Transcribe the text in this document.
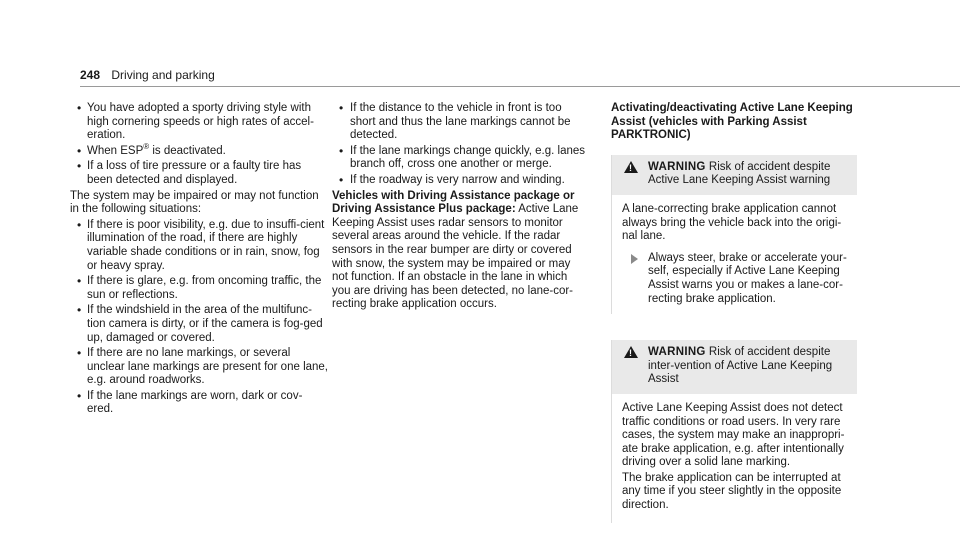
248 Driving and parking
• You have adopted a sporty driving style with high cornering speeds or high rates of accel-eration.
• When ESP® is deactivated.
• If a loss of tire pressure or a faulty tire has been detected and displayed.

The system may be impaired or may not function in the following situations:

• If there is poor visibility, e.g. due to insuffi-cient illumination of the road, if there are highly variable shade conditions or in rain, snow, fog or heavy spray.
• If there is glare, e.g. from oncoming traffic, the sun or reflections.
• If the windshield in the area of the multifunc-tion camera is dirty, or if the camera is fog-ged up, damaged or covered.
• If there are no lane markings, or several unclear lane markings are present for one lane, e.g. around roadworks.
• If the lane markings are worn, dark or cov-ered.
• If the distance to the vehicle in front is too short and thus the lane markings cannot be detected.
• If the lane markings change quickly, e.g. lanes branch off, cross one another or merge.
• If the roadway is very narrow and winding.

Vehicles with Driving Assistance package or Driving Assistance Plus package: Active Lane Keeping Assist uses radar sensors to monitor several areas around the vehicle. If the radar sensors in the rear bumper are dirty or covered with snow, the system may be impaired or may not function. If an obstacle in the lane in which you are driving has been detected, no lane-cor-recting brake application occurs.

Activating/deactivating Active Lane Keeping Assist (vehicles with Parking Assist PARKTRONIC)
!
WARNING Risk of accident despite Active Lane Keeping Assist warning

A lane-correcting brake application cannot always bring the vehicle back into the origi-nal lane.

Always steer, brake or accelerate your-self, especially if Active Lane Keeping Assist warns you or makes a lane-cor-recting brake application.
!
WARNING Risk of accident despite inter-vention of Active Lane Keeping Assist

Active Lane Keeping Assist does not detect traffic conditions or road users. In very rare cases, the system may make an inappropri-ate brake application, e.g. after intentionally driving over a solid lane marking.

The brake application can be interrupted at any time if you steer slightly in the opposite direction.
